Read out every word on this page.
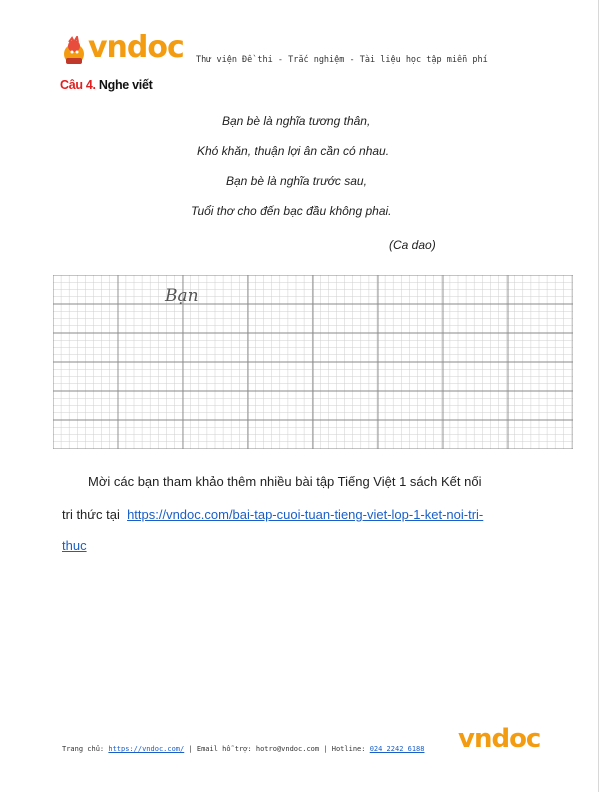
vndoc Thư viện Đề thi - Trắc nghiệm - Tài liệu học tập miễn phí
Câu 4. Nghe viết
Bạn bè là nghĩa tương thân,
Khó khăn, thuận lợi ân cần có nhau.
Bạn bè là nghĩa trước sau,
Tuổi thơ cho đến bạc đầu không phai.
(Ca dao)
Bạn
Mời các bạn tham khảo thêm nhiều bài tập Tiếng Việt 1 sách Kết nối
tri thức tại https://vndoc.com/bai-tap-cuoi-tuan-tieng-viet-lop-1-ket-noi-tri-
thuc
vndoc
Trang chủ: https://vndoc.com/ | Email hỗ trợ: hotro@vndoc.com | Hotline: 024 2242 6188
